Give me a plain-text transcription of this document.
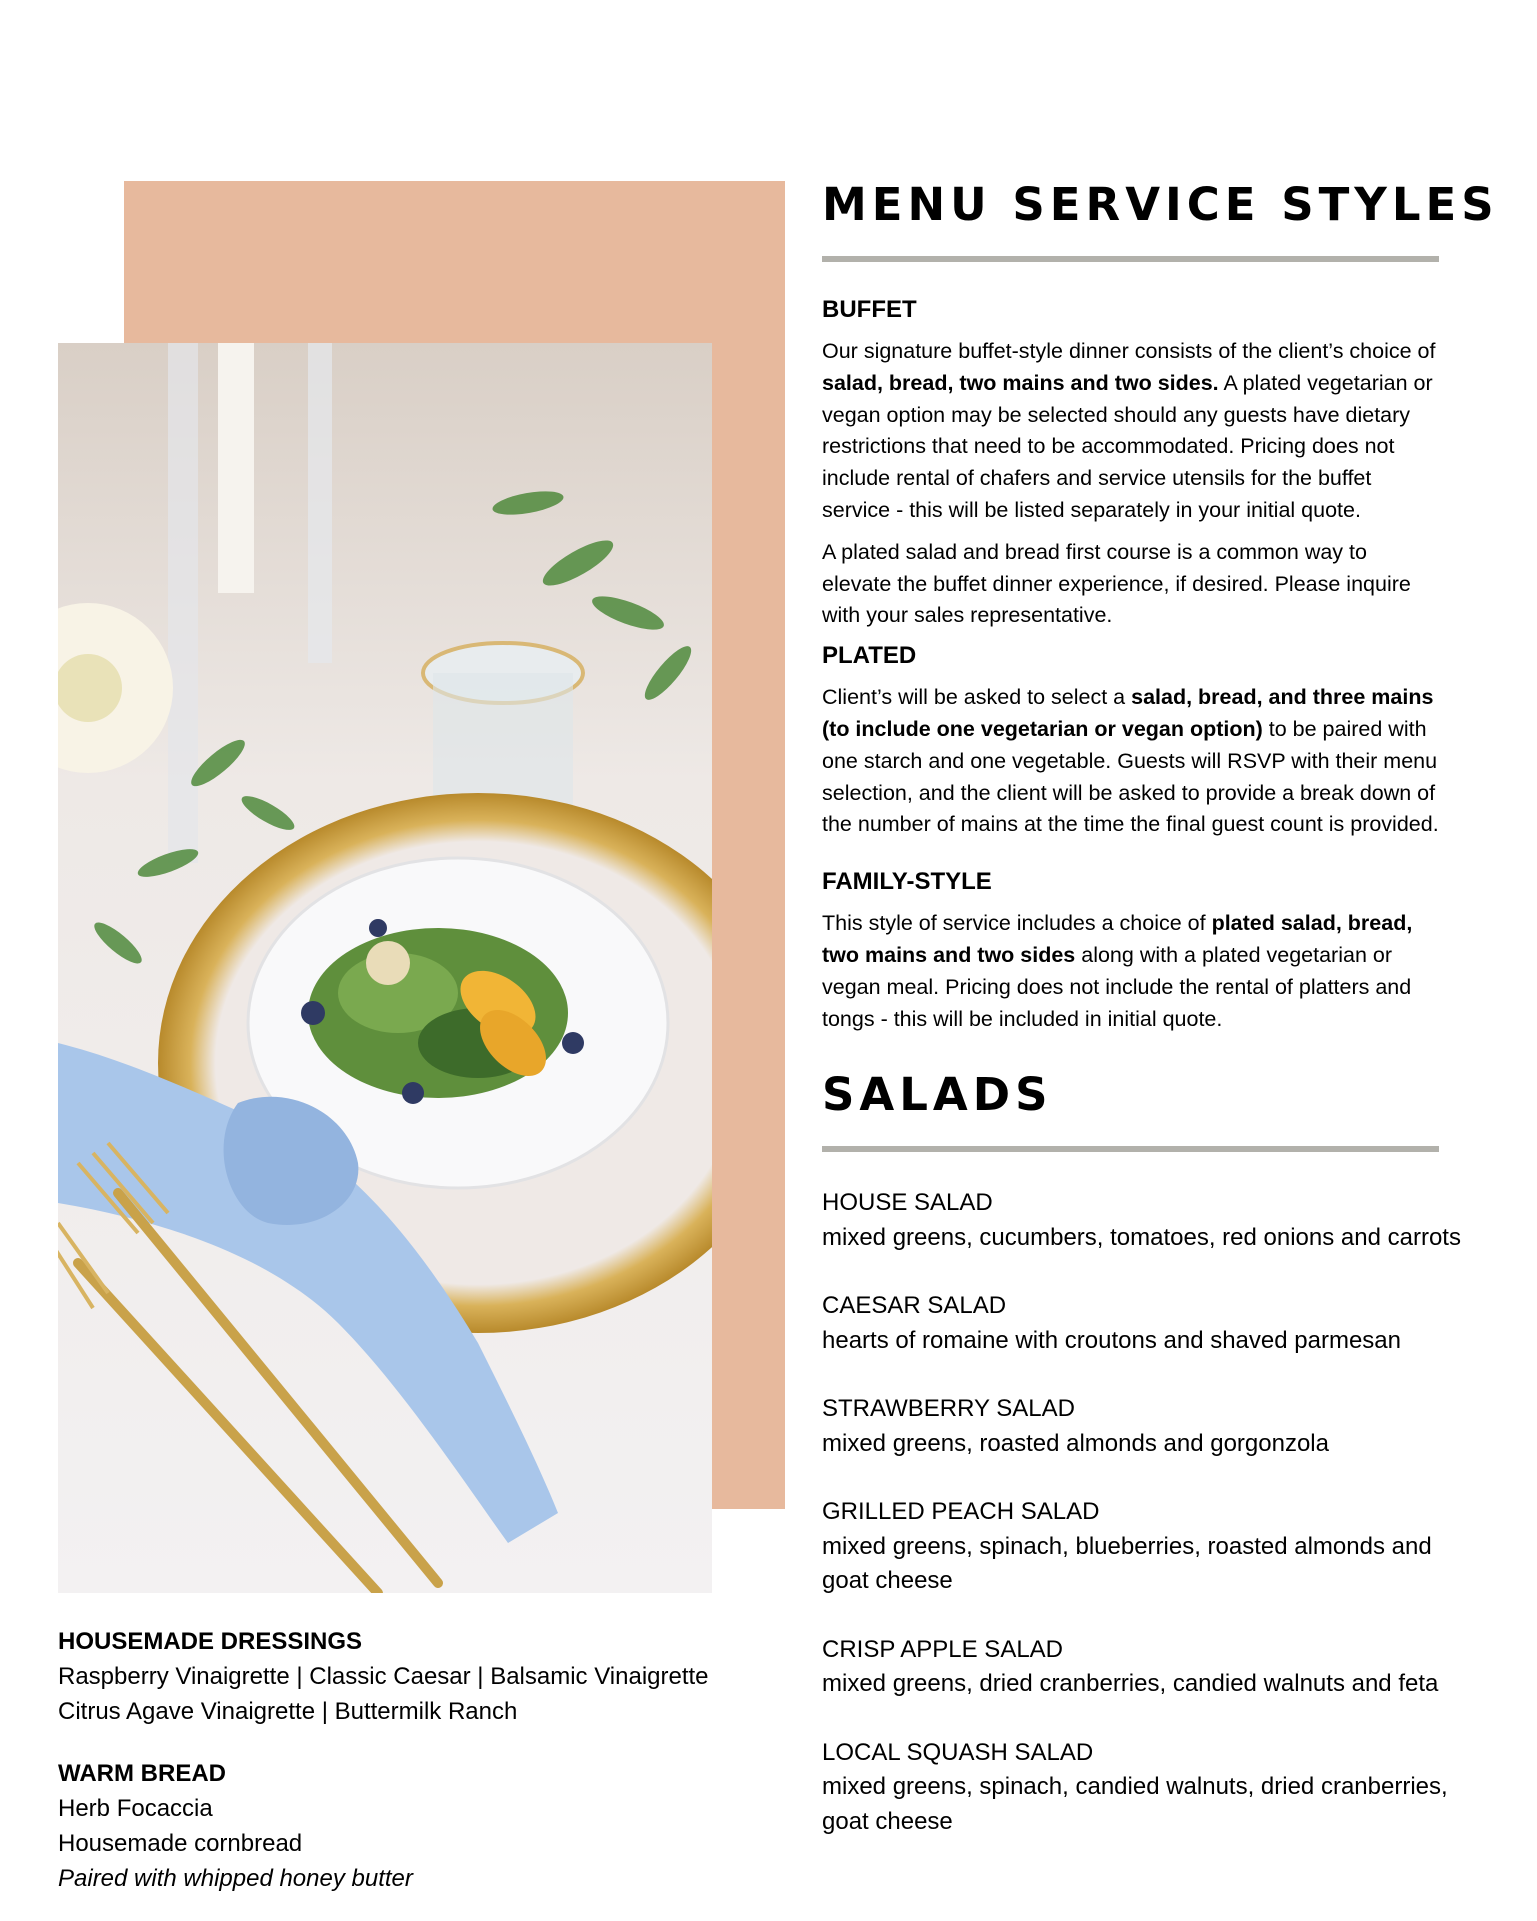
HOUSEMADE DRESSINGS
Raspberry Vinaigrette | Classic Caesar | Balsamic Vinaigrette
Citrus Agave Vinaigrette | Buttermilk Ranch
WARM BREAD
Herb Focaccia
Housemade cornbread
Paired with whipped honey butter
MENU SERVICE STYLES
BUFFET
Our signature buffet-style dinner consists of the client’s choice of salad, bread, two mains and two sides. A plated vegetarian or vegan option may be selected should any guests have dietary restrictions that need to be accommodated. Pricing does not include rental of chafers and service utensils for the buffet service - this will be listed separately in your initial quote.
A plated salad and bread first course is a common way to elevate the buffet dinner experience, if desired. Please inquire with your sales representative.
PLATED
Client’s will be asked to select a salad, bread, and three mains (to include one vegetarian or vegan option) to be paired with one starch and one vegetable. Guests will RSVP with their menu selection, and the client will be asked to provide a break down of the number of mains at the time the final guest count is provided.
FAMILY-STYLE
This style of service includes a choice of plated salad, bread, two mains and two sides along with a plated vegetarian or vegan meal. Pricing does not include the rental of platters and tongs - this will be included in initial quote.
SALADS
HOUSE SALAD
mixed greens, cucumbers, tomatoes, red onions and carrots
CAESAR SALAD
hearts of romaine with croutons and shaved parmesan
STRAWBERRY SALAD
mixed greens, roasted almonds and gorgonzola
GRILLED PEACH SALAD
mixed greens, spinach, blueberries, roasted almonds and goat cheese
CRISP APPLE SALAD
mixed greens, dried cranberries, candied walnuts and feta
LOCAL SQUASH SALAD
mixed greens, spinach, candied walnuts, dried cranberries, goat cheese
